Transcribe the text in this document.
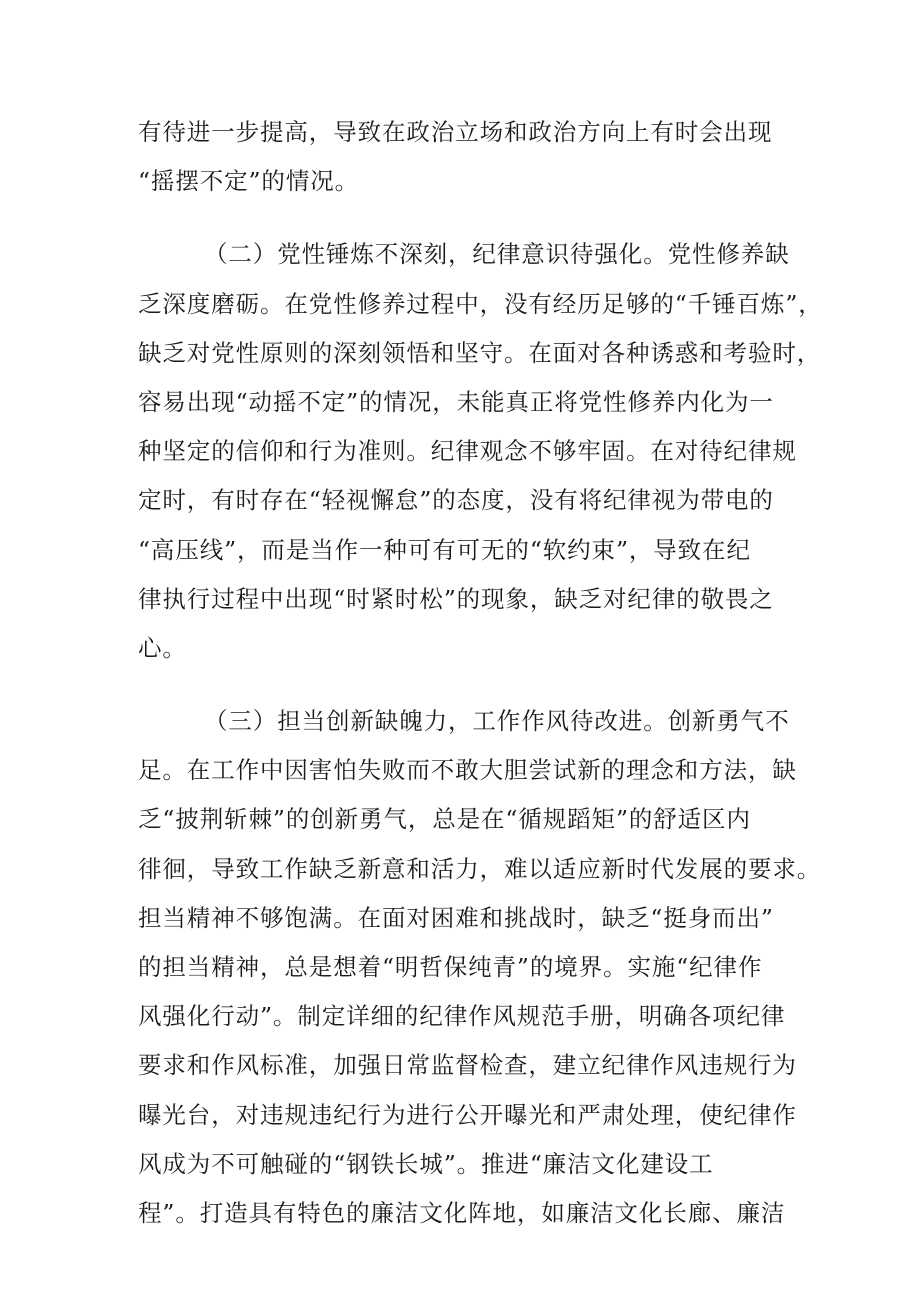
有待进一步提高，导致在政治立场和政治方向上有时会出现
“摇摆不定”的情况。
（二）党性锤炼不深刻，纪律意识待强化。党性修养缺
乏深度磨砺。在党性修养过程中，没有经历足够的“千锤百炼”，
缺乏对党性原则的深刻领悟和坚守。在面对各种诱惑和考验时，
容易出现“动摇不定”的情况，未能真正将党性修养内化为一
种坚定的信仰和行为准则。纪律观念不够牢固。在对待纪律规
定时，有时存在“轻视懈怠”的态度，没有将纪律视为带电的
“高压线”，而是当作一种可有可无的“软约束”，导致在纪
律执行过程中出现“时紧时松”的现象，缺乏对纪律的敬畏之
心。
（三）担当创新缺魄力，工作作风待改进。创新勇气不
足。在工作中因害怕失败而不敢大胆尝试新的理念和方法，缺
乏“披荆斩棘”的创新勇气，总是在“循规蹈矩”的舒适区内
徘徊，导致工作缺乏新意和活力，难以适应新时代发展的要求。
担当精神不够饱满。在面对困难和挑战时，缺乏“挺身而出”
的担当精神，总是想着“明哲保纯青”的境界。实施“纪律作
风强化行动”。制定详细的纪律作风规范手册，明确各项纪律
要求和作风标准，加强日常监督检查，建立纪律作风违规行为
曝光台，对违规违纪行为进行公开曝光和严肃处理，使纪律作
风成为不可触碰的“钢铁长城”。推进“廉洁文化建设工
程”。打造具有特色的廉洁文化阵地，如廉洁文化长廊、廉洁
